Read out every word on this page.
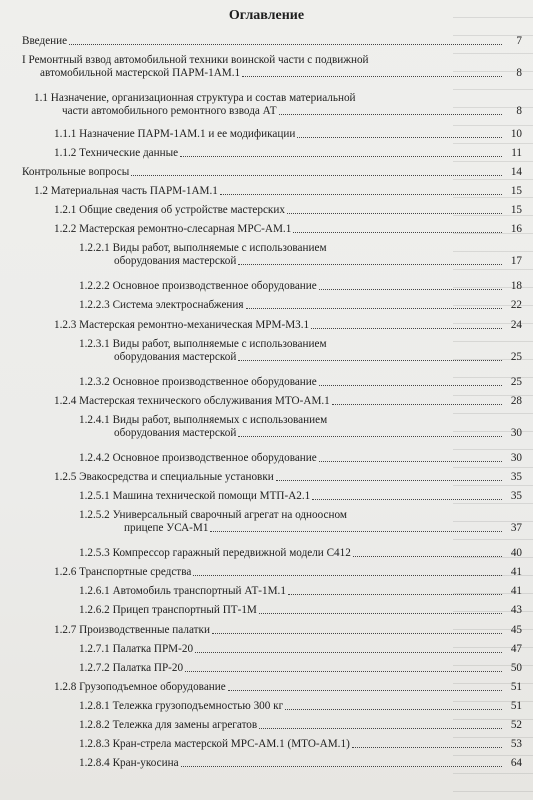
Оглавление
Введение	7
I Ремонтный взвод автомобильной техники воинской части с подвижной
автомобильной мастерской ПАРМ-1АМ.1	8
1.1 Назначение, организационная структура и состав материальной
части автомобильного ремонтного взвода АТ	8
1.1.1 Назначение ПАРМ-1АМ.1 и ее модификации	10
1.1.2 Технические данные	11
Контрольные вопросы	14
1.2 Материальная часть ПАРМ-1АМ.1	15
1.2.1 Общие сведения об устройстве мастерских	15
1.2.2 Мастерская ремонтно-слесарная МРС-АМ.1	16
1.2.2.1 Виды работ, выполняемые с использованием
оборудования мастерской	17
1.2.2.2 Основное производственное оборудование	18
1.2.2.3 Система электроснабжения	22
1.2.3 Мастерская ремонтно-механическая МРМ-МЗ.1	24
1.2.3.1 Виды работ, выполняемые с использованием
оборудования мастерской	25
1.2.3.2 Основное производственное оборудование	25
1.2.4 Мастерская технического обслуживания МТО-АМ.1	28
1.2.4.1 Виды работ, выполняемых с использованием
оборудования мастерской	30
1.2.4.2 Основное производственное оборудование	30
1.2.5 Эвакосредства и специальные установки	35
1.2.5.1 Машина технической помощи МТП-А2.1	35
1.2.5.2 Универсальный сварочный агрегат на одноосном
прицепе УСА-М1	37
1.2.5.3 Компрессор гаражный передвижной модели С412	40
1.2.6 Транспортные средства	41
1.2.6.1 Автомобиль транспортный АТ-1М.1	41
1.2.6.2 Прицеп транспортный ПТ-1М	43
1.2.7 Производственные палатки	45
1.2.7.1 Палатка ПРМ-20	47
1.2.7.2 Палатка ПР-20	50
1.2.8 Грузоподъемное оборудование	51
1.2.8.1 Тележка грузоподъемностью 300 кг	51
1.2.8.2 Тележка для замены агрегатов	52
1.2.8.3 Кран-стрела мастерской МРС-АМ.1 (МТО-АМ.1)	53
1.2.8.4 Кран-укосина	64
